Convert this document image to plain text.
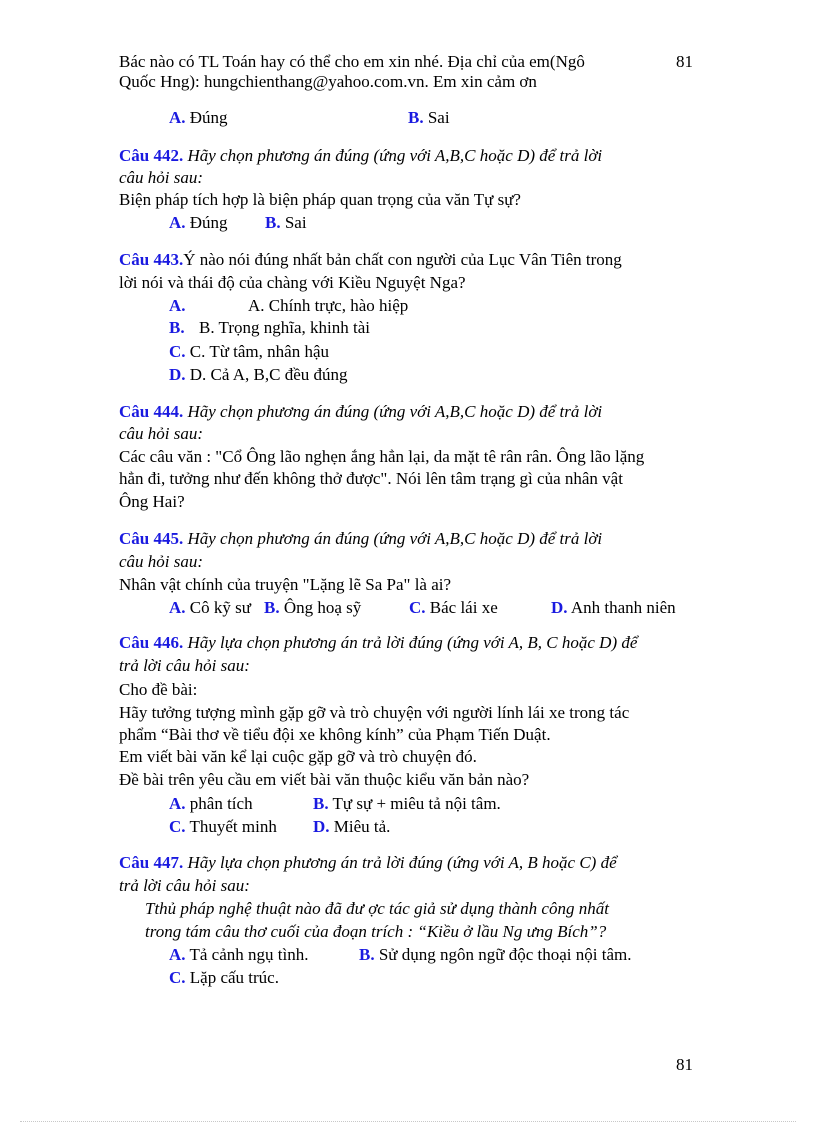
Bác nào có TL Toán hay có thể cho em xin nhé. Địa chỉ của em(Ngô	81
Quốc Hng): hungchienthang@yahoo.com.vn. Em xin cảm ơn
A. Đúng	B. Sai
Câu 442. Hãy chọn phương án đúng (ứng với A,B,C hoặc D) để trả lời
câu hỏi sau:
Biện pháp tích hợp là biện pháp quan trọng của văn Tự sự?
A. Đúng B. Sai
Câu 443.Ý nào nói đúng nhất bản chất con người của Lục Vân Tiên trong
lời nói và thái độ của chàng với Kiều Nguyệt Nga?
A.	A. Chính trực, hào hiệp
B. B. Trọng nghĩa, khinh tài
C. C. Từ tâm, nhân hậu
D. D. Cả A, B,C đều đúng
Câu 444. Hãy chọn phương án đúng (ứng với A,B,C hoặc D) để trả lời
câu hỏi sau:
Các câu văn : "Cổ Ông lão nghẹn ắng hẳn lại, da mặt tê rân rân. Ông lão lặng
hẳn đi, tưởng như đến không thở được". Nói lên tâm trạng gì của nhân vật
Ông Hai?
Câu 445. Hãy chọn phương án đúng (ứng với A,B,C hoặc D) để trả lời
câu hỏi sau:
Nhân vật chính của truyện "Lặng lẽ Sa Pa" là ai?
A. Cô kỹ sư B. Ông hoạ sỹ	C. Bác lái xe	D. Anh thanh niên
Câu 446. Hãy lựa chọn phương án trả lời đúng (ứng với A, B, C hoặc D) để
trả lời câu hỏi sau:
Cho đề bài:
Hãy tưởng tượng mình gặp gỡ và trò chuyện với người lính lái xe trong tác
phẩm “Bài thơ về tiểu đội xe không kính” của Phạm Tiến Duật.
Em viết bài văn kể lại cuộc gặp gỡ và trò chuyện đó.
Đề bài trên yêu cầu em viết bài văn thuộc kiểu văn bản nào?
A. phân tích	B. Tự sự + miêu tả nội tâm.
C. Thuyết minh D. Miêu tả.
Câu 447. Hãy lựa chọn phương án trả lời đúng (ứng với A, B hoặc C) để
trả lời câu hỏi sau:
Tthủ pháp nghệ thuật nào đã đư ợc tác giả sử dụng thành công nhất
trong tám câu thơ cuối của đoạn trích : “Kiều ở lầu Ng ưng Bích”?
A. Tả cảnh ngụ tình.	B. Sử dụng ngôn ngữ độc thoại nội tâm.
C. Lặp cấu trúc.
81
